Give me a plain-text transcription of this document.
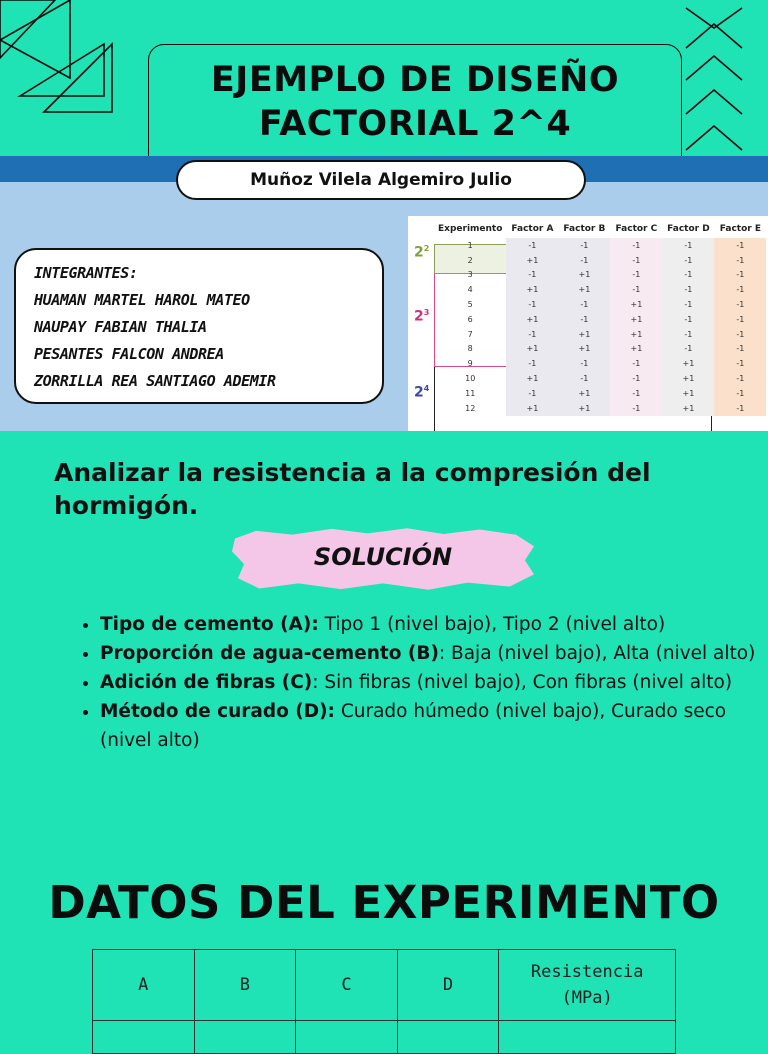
EJEMPLO DE DISEÑO FACTORIAL 2^4
Muñoz Vilela Algemiro Julio
INTEGRANTES:
HUAMAN MARTEL HAROL MATEO
NAUPAY FABIAN THALIA
PESANTES FALCON ANDREA
ZORRILLA REA SANTIAGO ADEMIR
$2^2$
$2^3$
$2^4$
Experimento	Factor A	Factor B	Factor C	Factor D	Factor E
1	-1	-1	-1	-1	-1
2	+1	-1	-1	-1	-1
3	-1	+1	-1	-1	-1
4	+1	+1	-1	-1	-1
5	-1	-1	+1	-1	-1
6	+1	-1	+1	-1	-1
7	-1	+1	+1	-1	-1
8	+1	+1	+1	-1	-1
9	-1	-1	-1	+1	-1
10	+1	-1	-1	+1	-1
11	-1	+1	-1	+1	-1
12	+1	+1	-1	+1	-1
Analizar la resistencia a la compresión del hormigón.
SOLUCIÓN
• Tipo de cemento (A): Tipo 1 (nivel bajo), Tipo 2 (nivel alto)
• Proporción de agua-cemento (B): Baja (nivel bajo), Alta (nivel alto)
• Adición de fibras (C): Sin fibras (nivel bajo), Con fibras (nivel alto)
• Método de curado (D): Curado húmedo (nivel bajo), Curado seco (nivel alto)
DATOS DEL EXPERIMENTO
A	B	C	D	Resistencia (MPa)
